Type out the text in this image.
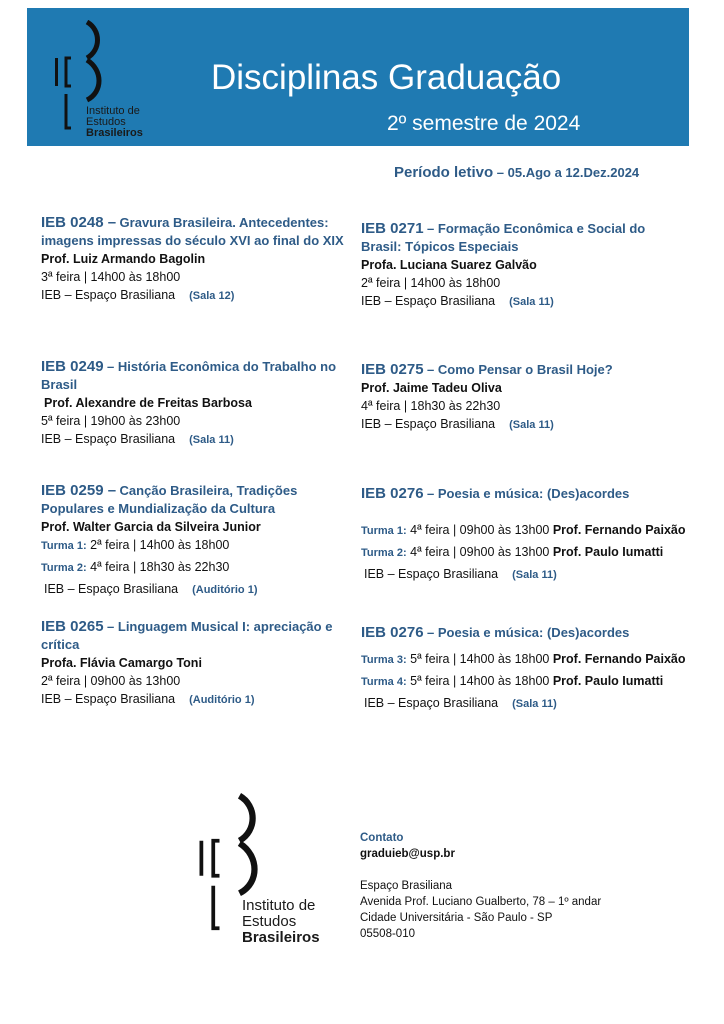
Instituto de
Estudos
Brasileiros
Disciplinas Graduação
2º semestre de 2024
Período letivo – 05.Ago a 12.Dez.2024
IEB 0248 – Gravura Brasileira. Antecedentes: imagens impressas do século XVI ao final do XIX
Prof. Luiz Armando Bagolin
3ª feira | 14h00 às 18h00
IEB – Espaço Brasiliana (Sala 12)
IEB 0249 – História Econômica do Trabalho no Brasil
Prof. Alexandre de Freitas Barbosa
5ª feira | 19h00 às 23h00
IEB – Espaço Brasiliana (Sala 11)
IEB 0259 – Canção Brasileira, Tradições Populares e Mundialização da Cultura
Prof. Walter Garcia da Silveira Junior
Turma 1: 2ª feira | 14h00 às 18h00
Turma 2: 4ª feira | 18h30 às 22h30
IEB – Espaço Brasiliana (Auditório 1)
IEB 0265 – Linguagem Musical I: apreciação e crítica
Profa. Flávia Camargo Toni
2ª feira | 09h00 às 13h00
IEB – Espaço Brasiliana (Auditório 1)
IEB 0271 – Formação Econômica e Social do Brasil: Tópicos Especiais
Profa. Luciana Suarez Galvão
2ª feira | 14h00 às 18h00
IEB – Espaço Brasiliana (Sala 11)
IEB 0275 – Como Pensar o Brasil Hoje?
Prof. Jaime Tadeu Oliva
4ª feira | 18h30 às 22h30
IEB – Espaço Brasiliana (Sala 11)
IEB 0276 – Poesia e música: (Des)acordes
Turma 1: 4ª feira | 09h00 às 13h00 Prof. Fernando Paixão
Turma 2: 4ª feira | 09h00 às 13h00 Prof. Paulo Iumatti
IEB – Espaço Brasiliana (Sala 11)
IEB 0276 – Poesia e música: (Des)acordes
Turma 3: 5ª feira | 14h00 às 18h00 Prof. Fernando Paixão
Turma 4: 5ª feira | 14h00 às 18h00 Prof. Paulo Iumatti
IEB – Espaço Brasiliana (Sala 11)
Instituto de
Estudos
Brasileiros
Contato
graduieb@usp.br
Espaço Brasiliana
Avenida Prof. Luciano Gualberto, 78 – 1º andar
Cidade Universitária - São Paulo - SP
05508-010
